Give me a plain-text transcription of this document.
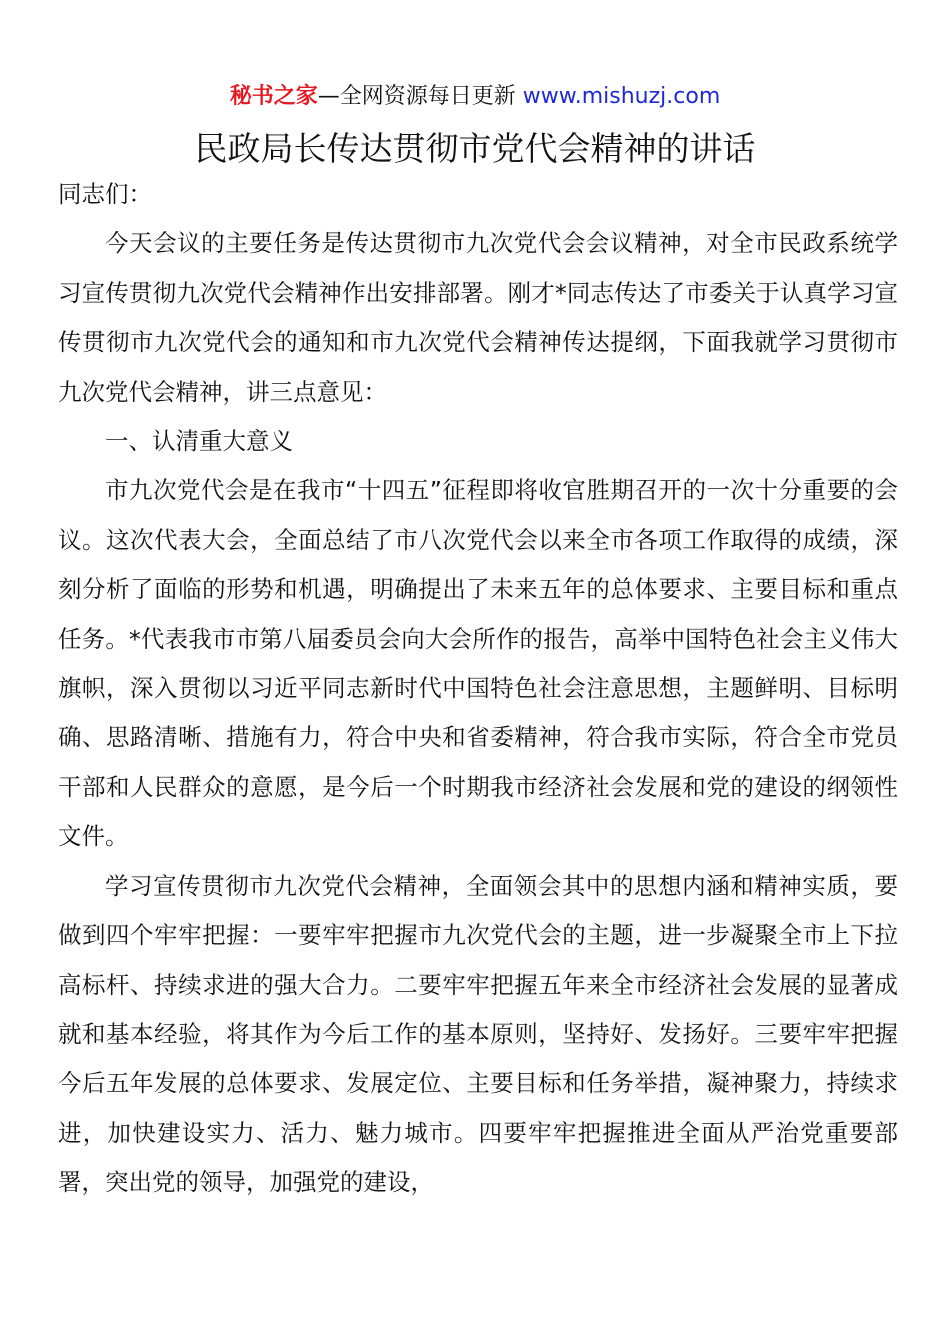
秘书之家—全网资源每日更新 www.mishuzj.com
民政局长传达贯彻市党代会精神的讲话

同志们：

今天会议的主要任务是传达贯彻市九次党代会会议精神，对全市民政系统学习宣传贯彻九次党代会精神作出安排部署。刚才*同志传达了市委关于认真学习宣传贯彻市九次党代会的通知和市九次党代会精神传达提纲，下面我就学习贯彻市九次党代会精神，讲三点意见：

一、认清重大意义

市九次党代会是在我市“十四五”征程即将收官胜期召开的一次十分重要的会议。这次代表大会，全面总结了市八次党代会以来全市各项工作取得的成绩，深刻分析了面临的形势和机遇，明确提出了未来五年的总体要求、主要目标和重点任务。*代表我市市第八届委员会向大会所作的报告，高举中国特色社会主义伟大旗帜，深入贯彻以习近平同志新时代中国特色社会注意思想，主题鲜明、目标明确、思路清晰、措施有力，符合中央和省委精神，符合我市实际，符合全市党员干部和人民群众的意愿，是今后一个时期我市经济社会发展和党的建设的纲领性文件。

学习宣传贯彻市九次党代会精神，全面领会其中的思想内涵和精神实质，要做到四个牢牢把握：一要牢牢把握市九次党代会的主题，进一步凝聚全市上下拉高标杆、持续求进的强大合力。二要牢牢把握五年来全市经济社会发展的显著成就和基本经验，将其作为今后工作的基本原则，坚持好、发扬好。三要牢牢把握今后五年发展的总体要求、发展定位、主要目标和任务举措，凝神聚力，持续求进，加快建设实力、活力、魅力城市。四要牢牢把握推进全面从严治党重要部署，突出党的领导，加强党的建设，
